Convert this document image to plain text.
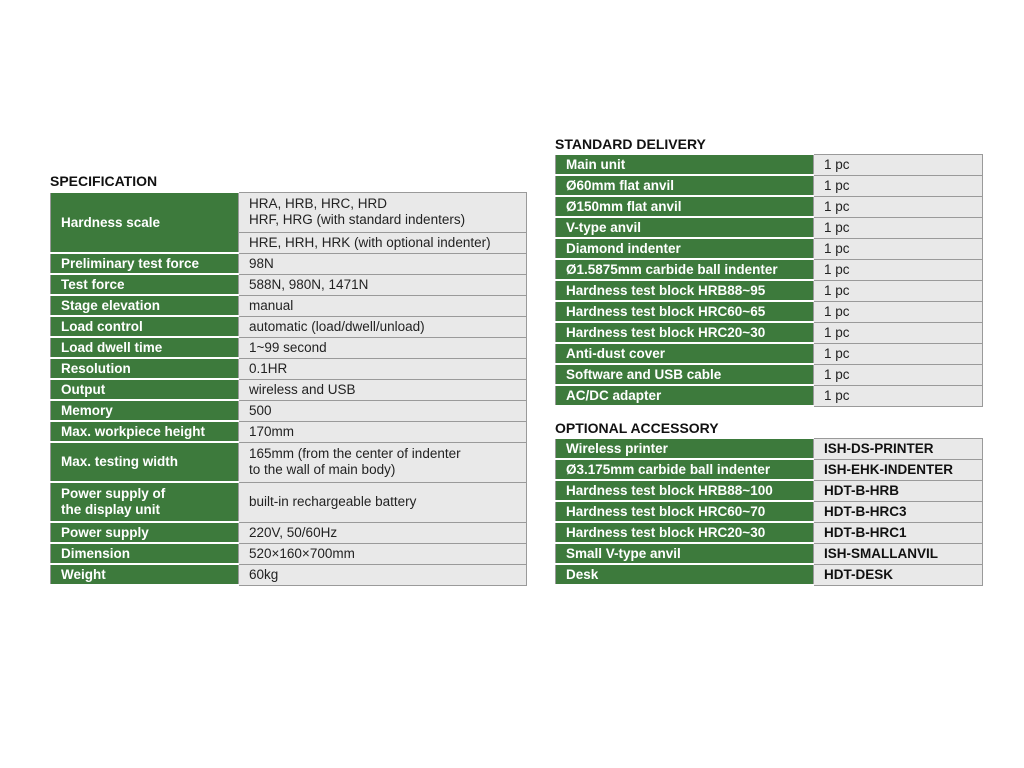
SPECIFICATION
Hardness scale	HRA, HRB, HRC, HRD
HRF, HRG (with standard indenters)

	HRE, HRH, HRK (with optional indenter)
Preliminary test force	98N
Test force	588N, 980N, 1471N
Stage elevation	manual
Load control	automatic (load/dwell/unload)
Load dwell time	1~99 second
Resolution	0.1HR
Output	wireless and USB
Memory	500
Max. workpiece height	170mm
Max. testing width	165mm (from the center of indenter
to the wall of main body)

Power supply of
the display unit	built-in rechargeable battery
Power supply	220V, 50/60Hz
Dimension	520×160×700mm
Weight	60kg
STANDARD DELIVERY
Main unit	1 pc
Ø60mm flat anvil	1 pc
Ø150mm flat anvil	1 pc
V-type anvil	1 pc
Diamond indenter	1 pc
Ø1.5875mm carbide ball indenter	1 pc
Hardness test block HRB88~95	1 pc
Hardness test block HRC60~65	1 pc
Hardness test block HRC20~30	1 pc
Anti-dust cover	1 pc
Software and USB cable	1 pc
AC/DC adapter	1 pc
OPTIONAL ACCESSORY
Wireless printer	ISH-DS-PRINTER
Ø3.175mm carbide ball indenter	ISH-EHK-INDENTER
Hardness test block HRB88~100	HDT-B-HRB
Hardness test block HRC60~70	HDT-B-HRC3
Hardness test block HRC20~30	HDT-B-HRC1
Small V-type anvil	ISH-SMALLANVIL
Desk	HDT-DESK
